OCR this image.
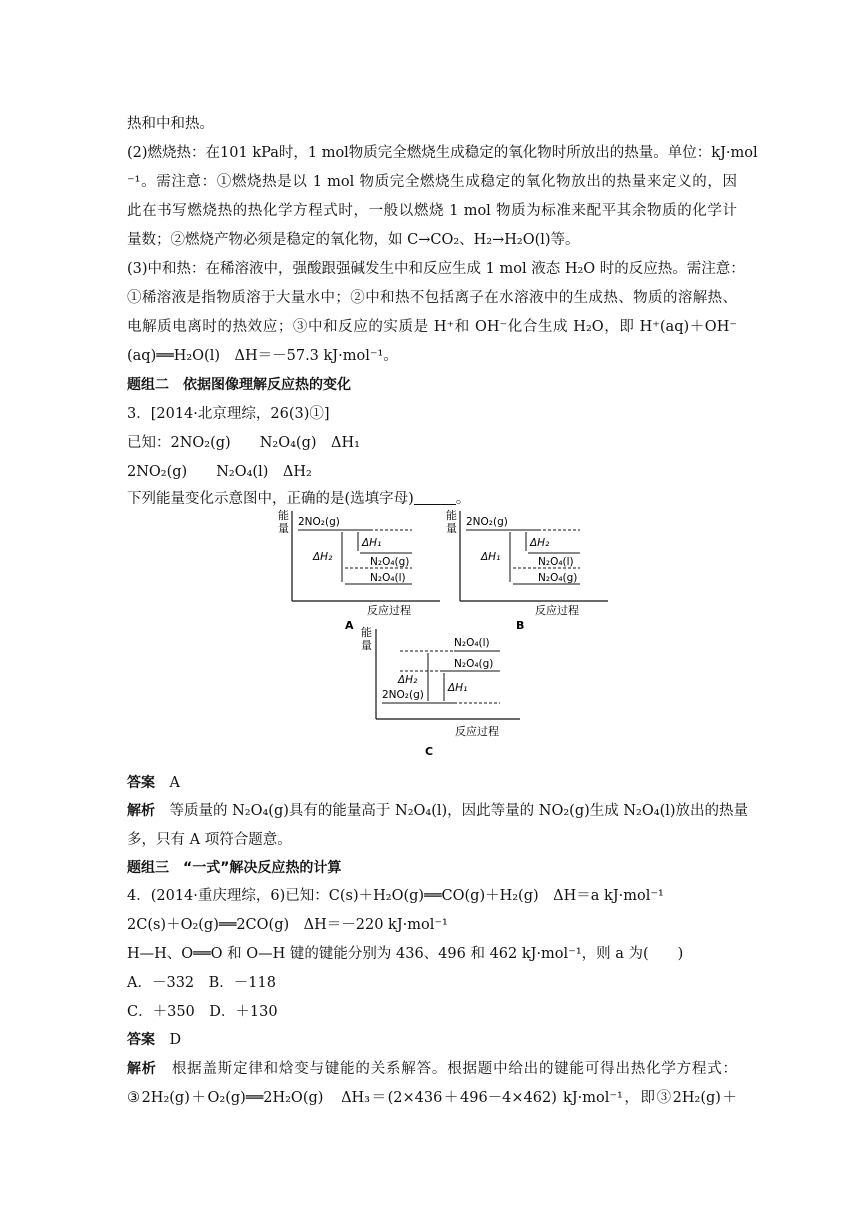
热和中和热。
(2)燃烧热：在101 kPa时，1 mol物质完全燃烧生成稳定的氧化物时所放出的热量。单位：kJ·mol
⁻¹。需注意：①燃烧热是以 1 mol 物质完全燃烧生成稳定的氧化物放出的热量来定义的，因
此在书写燃烧热的热化学方程式时，一般以燃烧 1 mol 物质为标准来配平其余物质的化学计
量数；②燃烧产物必须是稳定的氧化物，如 C→CO₂、H₂→H₂O(l)等。
(3)中和热：在稀溶液中，强酸跟强碱发生中和反应生成 1 mol 液态 H₂O 时的反应热。需注意：
①稀溶液是指物质溶于大量水中；②中和热不包括离子在水溶液中的生成热、物质的溶解热、
电解质电离时的热效应；③中和反应的实质是 H⁺和 OH⁻化合生成 H₂O，即 H⁺(aq)＋OH⁻
(aq)══H₂O(l)　ΔH＝－57.3 kJ·mol⁻¹。
题组二　依据图像理解反应热的变化
3．[2014·北京理综，26(3)①]
已知：2NO₂(g)　　N₂O₄(g)　ΔH₁
2NO₂(g)　　N₂O₄(l)　ΔH₂
下列能量变化示意图中，正确的是(选填字母)	。
能
量
反应过程
2NO₂(g)
N₂O₄(g)
N₂O₄(l)
ΔH₁
ΔH₂
A
能
量
反应过程
2NO₂(g)
N₂O₄(l)
N₂O₄(g)
ΔH₂
ΔH₁
B
能
量
反应过程
N₂O₄(l)
N₂O₄(g)
2NO₂(g)
ΔH₁
ΔH₂
C
答案　 A
解析　 等质量的 N₂O₄(g)具有的能量高于 N₂O₄(l)，因此等量的 NO₂(g)生成 N₂O₄(l)放出的热量
多，只有 A 项符合题意。
题组三　“一式”解决反应热的计算
4．(2014·重庆理综，6)已知：C(s)＋H₂O(g)══CO(g)＋H₂(g)　ΔH＝a kJ·mol⁻¹
2C(s)＋O₂(g)══2CO(g)　ΔH＝－220 kJ·mol⁻¹
H—H、O══O 和 O—H 键的键能分别为 436、496 和 462 kJ·mol⁻¹，则 a 为(　　)
A．－332　B．－118
C．＋350　D．＋130
答案　 D
解析　 根据盖斯定律和焓变与键能的关系解答。根据题中给出的键能可得出热化学方程式：
③2H₂(g)＋O₂(g)══2H₂O(g)　ΔH₃＝(2×436＋496－4×462) kJ·mol⁻¹，即③2H₂(g)＋
